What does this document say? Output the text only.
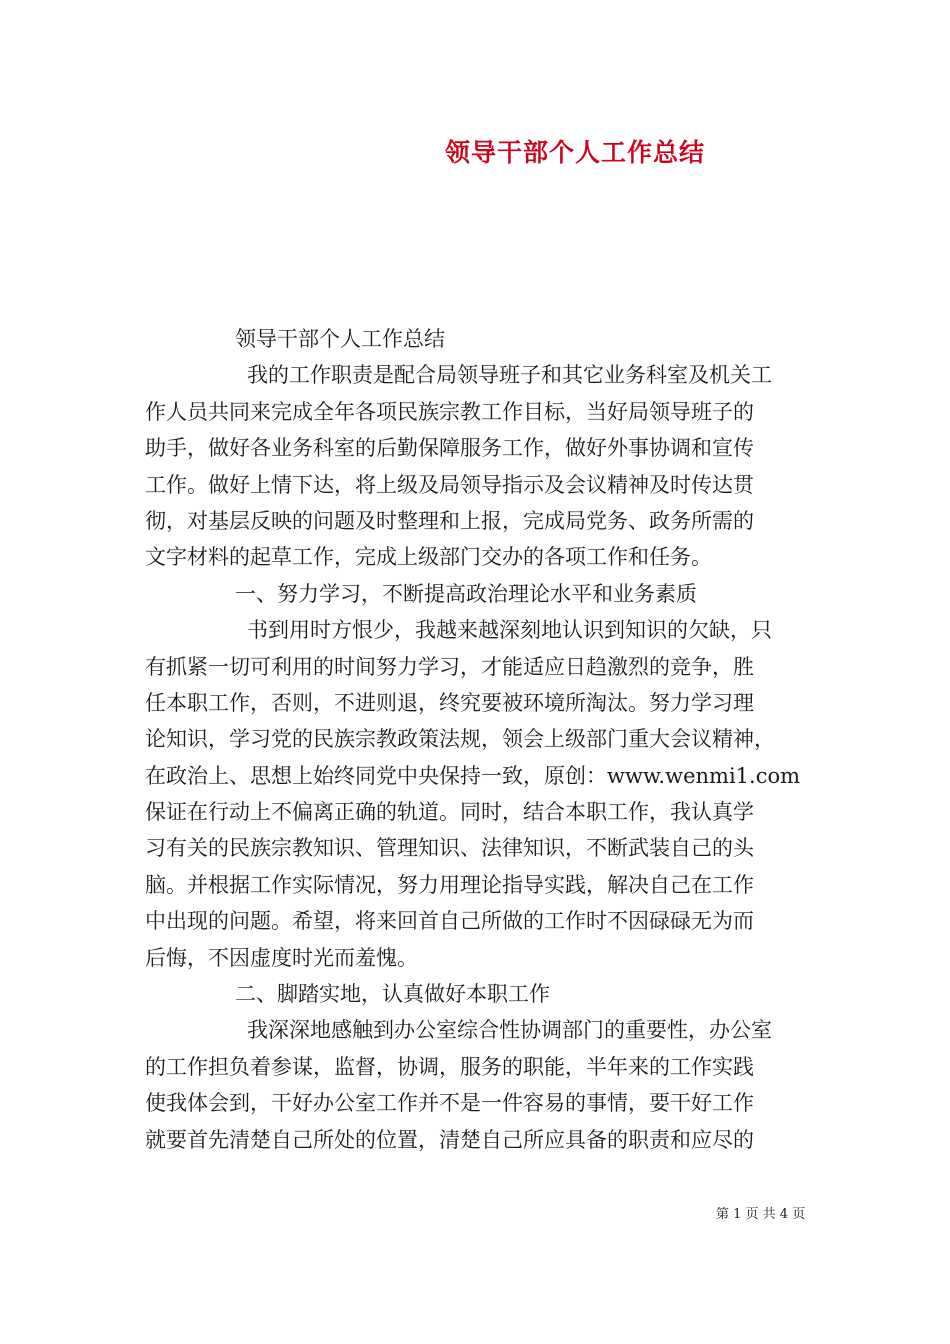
领导干部个人工作总结

领导干部个人工作总结

我的工作职责是配合局领导班子和其它业务科室及机关工

作人员共同来完成全年各项民族宗教工作目标，当好局领导班子的

助手，做好各业务科室的后勤保障服务工作，做好外事协调和宣传

工作。做好上情下达，将上级及局领导指示及会议精神及时传达贯

彻，对基层反映的问题及时整理和上报，完成局党务、政务所需的

文字材料的起草工作，完成上级部门交办的各项工作和任务。

一、努力学习，不断提高政治理论水平和业务素质

书到用时方恨少，我越来越深刻地认识到知识的欠缺，只

有抓紧一切可利用的时间努力学习，才能适应日趋激烈的竞争，胜

任本职工作，否则，不进则退，终究要被环境所淘汰。努力学习理

论知识，学习党的民族宗教政策法规，领会上级部门重大会议精神，

在政治上、思想上始终同党中央保持一致，原创：www.wenmi1.com

保证在行动上不偏离正确的轨道。同时，结合本职工作，我认真学

习有关的民族宗教知识、管理知识、法律知识，不断武装自己的头

脑。并根据工作实际情况，努力用理论指导实践，解决自己在工作

中出现的问题。希望，将来回首自己所做的工作时不因碌碌无为而

后悔，不因虚度时光而羞愧。

二、脚踏实地，认真做好本职工作

我深深地感触到办公室综合性协调部门的重要性，办公室

的工作担负着参谋，监督，协调，服务的职能，半年来的工作实践

使我体会到，干好办公室工作并不是一件容易的事情，要干好工作

就要首先清楚自己所处的位置，清楚自己所应具备的职责和应尽的

第 1 页 共 4 页
